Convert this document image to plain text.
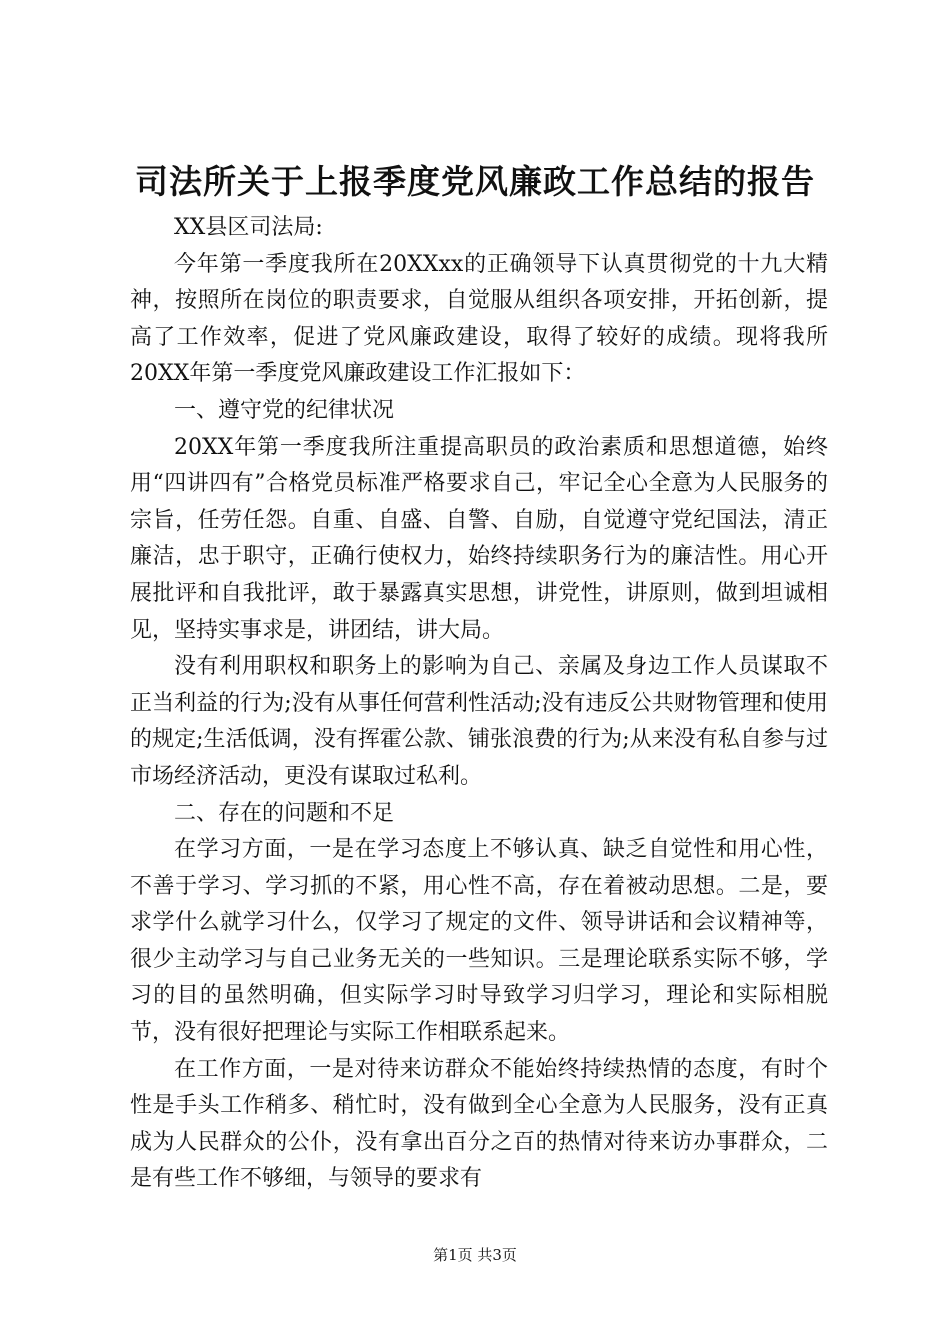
司法所关于上报季度党风廉政工作总结的报告

XX县区司法局:

今年第一季度我所在20XXxx的正确领导下认真贯彻党的十九大精神，按照所在岗位的职责要求，自觉服从组织各项安排，开拓创新，提高了工作效率，促进了党风廉政建设，取得了较好的成绩。现将我所20XX年第一季度党风廉政建设工作汇报如下：

一、遵守党的纪律状况

20XX年第一季度我所注重提高职员的政治素质和思想道德，始终用“四讲四有”合格党员标准严格要求自己，牢记全心全意为人民服务的宗旨，任劳任怨。自重、自盛、自警、自励，自觉遵守党纪国法，清正廉洁，忠于职守，正确行使权力，始终持续职务行为的廉洁性。用心开展批评和自我批评，敢于暴露真实思想，讲党性，讲原则，做到坦诚相见，坚持实事求是，讲团结，讲大局。

没有利用职权和职务上的影响为自己、亲属及身边工作人员谋取不正当利益的行为;没有从事任何营利性活动;没有违反公共财物管理和使用的规定;生活低调，没有挥霍公款、铺张浪费的行为;从来没有私自参与过市场经济活动，更没有谋取过私利。

二、存在的问题和不足

在学习方面，一是在学习态度上不够认真、缺乏自觉性和用心性，不善于学习、学习抓的不紧，用心性不高，存在着被动思想。二是，要求学什么就学习什么，仅学习了规定的文件、领导讲话和会议精神等，很少主动学习与自己业务无关的一些知识。三是理论联系实际不够，学习的目的虽然明确，但实际学习时导致学习归学习，理论和实际相脱节，没有很好把理论与实际工作相联系起来。

在工作方面，一是对待来访群众不能始终持续热情的态度，有时个性是手头工作稍多、稍忙时，没有做到全心全意为人民服务，没有正真成为人民群众的公仆，没有拿出百分之百的热情对待来访办事群众，二是有些工作不够细，与领导的要求有

第1页 共3页
